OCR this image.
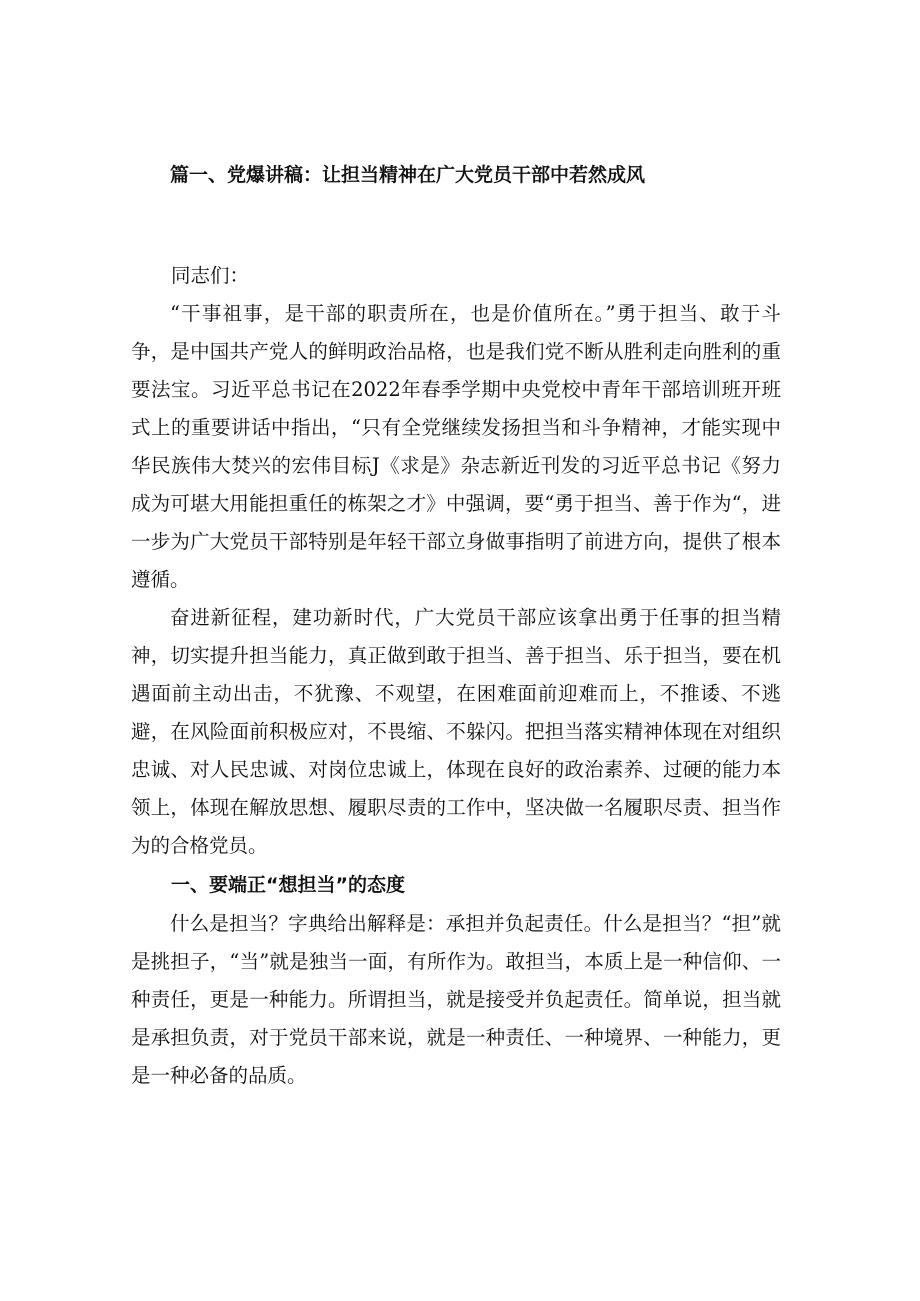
篇一、党爆讲稿：让担当精神在广大党员干部中若然成风

同志们：

“干事祖事，是干部的职责所在，也是价值所在。”勇于担当、敢于斗争，是中国共产党人的鲜明政治品格，也是我们党不断从胜利走向胜利的重要法宝。习近平总书记在2022年春季学期中央党校中青年干部培训班开班式上的重要讲话中指出，“只有全党继续发扬担当和斗争精神，才能实现中华民族伟大焚兴的宏伟目标J《求是》杂志新近刊发的习近平总书记《努力成为可堪大用能担重任的栋架之才》中强调，要“勇于担当、善于作为“，进一步为广大党员干部特别是年轻干部立身做事指明了前进方向，提供了根本遵循。

奋进新征程，建功新时代，广大党员干部应该拿出勇于任事的担当精神，切实提升担当能力，真正做到敢于担当、善于担当、乐于担当，要在机遇面前主动出击，不犹豫、不观望，在困难面前迎难而上，不推诿、不逃避，在风险面前积极应对，不畏缩、不躲闪。把担当落实精神体现在对组织忠诚、对人民忠诚、对岗位忠诚上，体现在良好的政治素养、过硬的能力本领上，体现在解放思想、履职尽责的工作中，坚决做一名履职尽责、担当作为的合格党员。

一、要端正“想担当”的态度

什么是担当？字典给出解释是：承担并负起责任。什么是担当？“担”就是挑担子，“当”就是独当一面，有所作为。敢担当，本质上是一种信仰、一种责任，更是一种能力。所谓担当，就是接受并负起责任。简单说，担当就是承担负责，对于党员干部来说，就是一种责任、一种境界、一种能力，更是一种必备的品质。
